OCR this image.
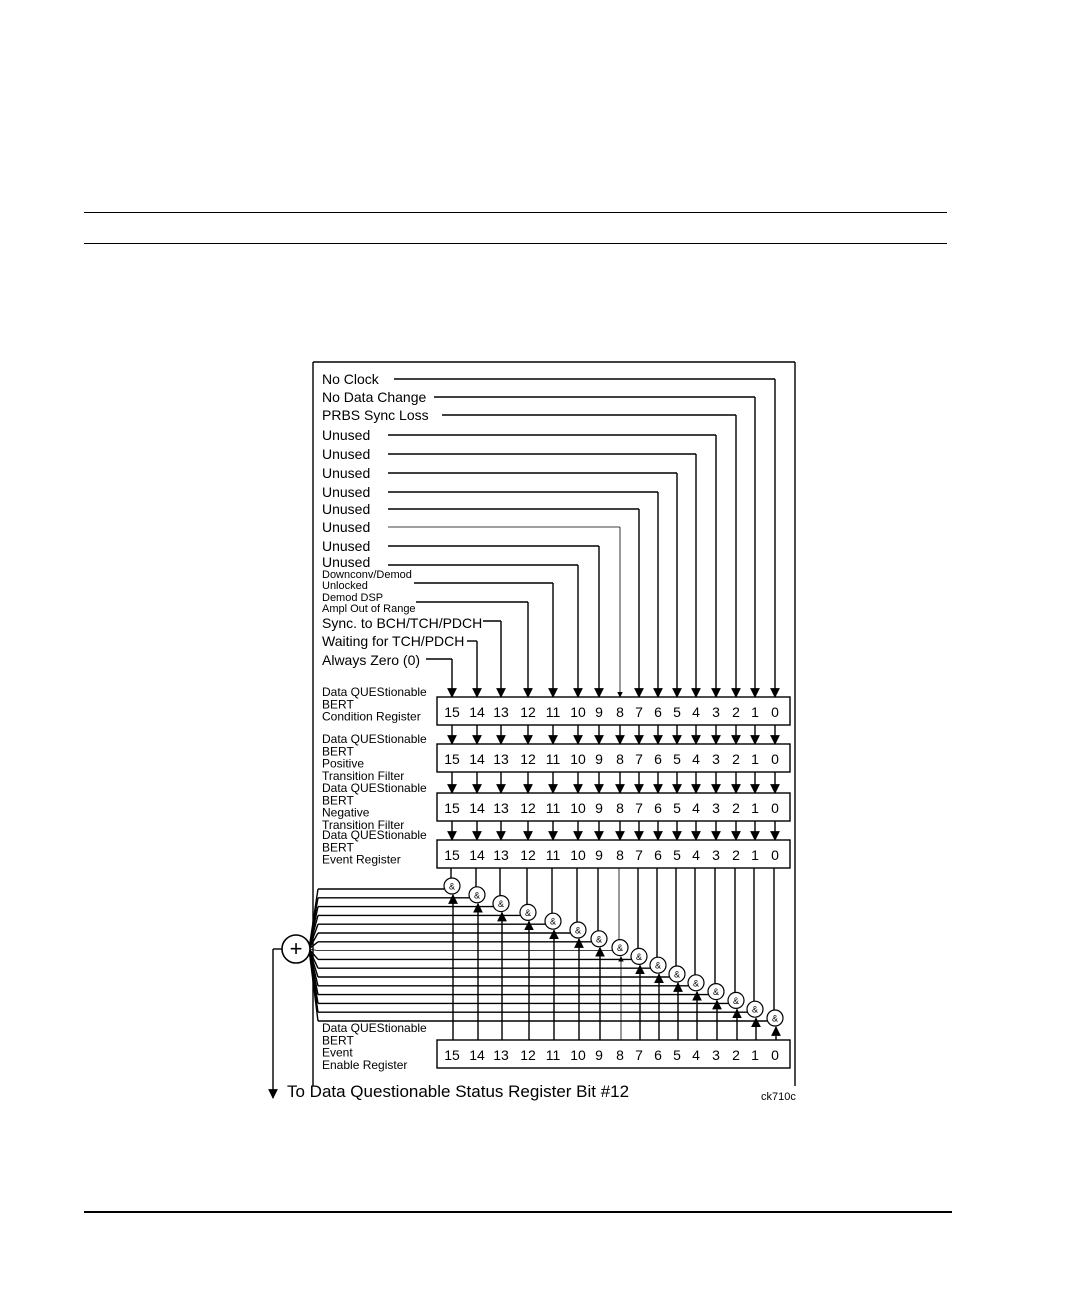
No Clock
No Data Change
PRBS Sync Loss
Unused
Unused
Unused
Unused
Unused
Unused
Unused
Unused
Downconv/Demod
Unlocked
Demod DSP
Ampl Out of Range
Sync. to BCH/TCH/PDCH
Waiting for TCH/PDCH
Always Zero (0)
15 14 13 12 11 10 9 8 7 6 5 4 3 2 1 0
Data QUEStionable
BERT
Condition Register
15 14 13 12 11 10 9 8 7 6 5 4 3 2 1 0
Data QUEStionable
BERT
Positive
Transition Filter
15 14 13 12 11 10 9 8 7 6 5 4 3 2 1 0
Data QUEStionable
BERT
Negative
Transition Filter
15 14 13 12 11 10 9 8 7 6 5 4 3 2 1 0
Data QUEStionable
BERT
Event Register
15 14 13 12 11 10 9 8 7 6 5 4 3 2 1 0
Data QUEStionable
BERT
Event
Enable Register
&
&
&
&
&
&
&
&
&
&
&
&
&
&
&
&
+
To Data Questionable Status Register Bit #12	ck710c
